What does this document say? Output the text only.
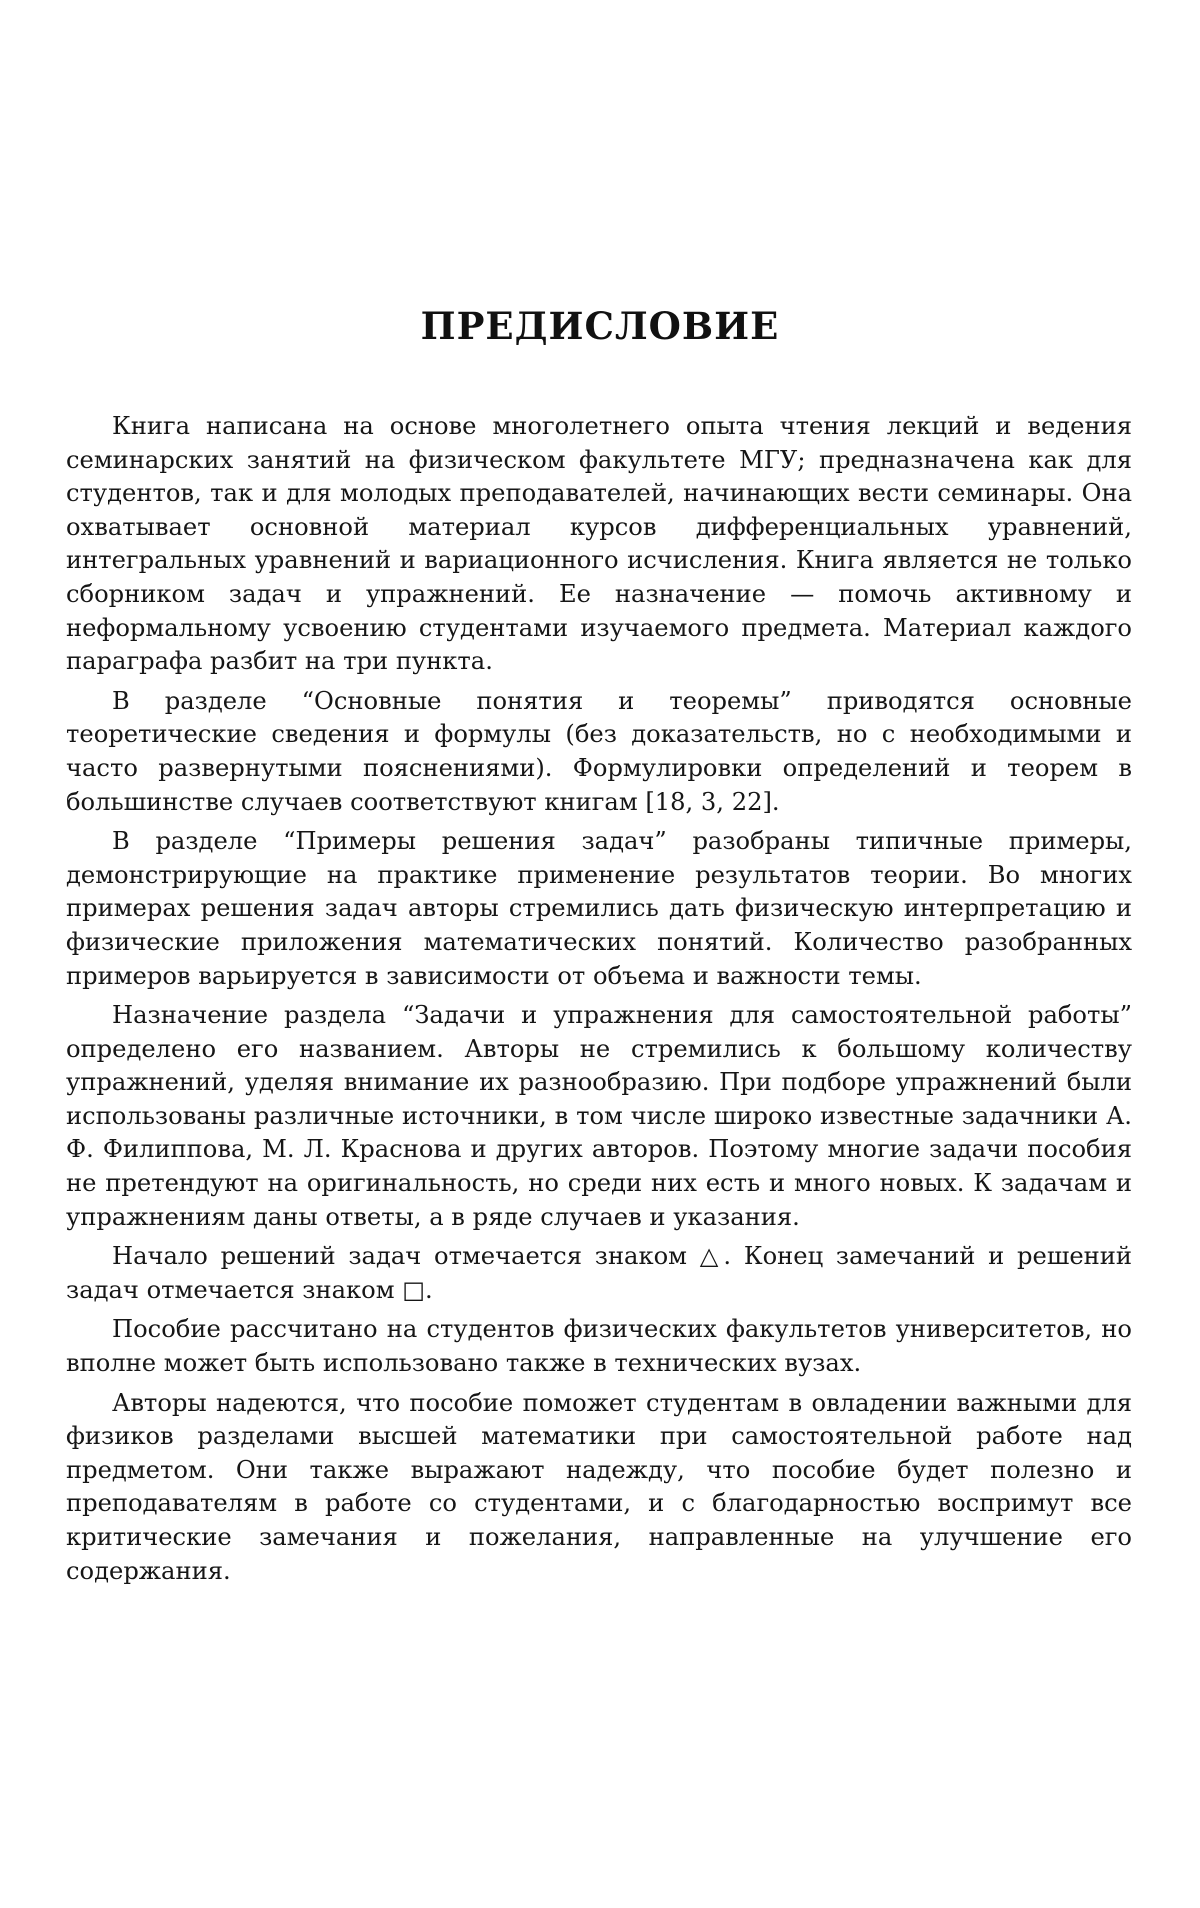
ПРЕДИСЛОВИЕ

Книга написана на основе многолетнего опыта чтения лекций и ведения семинарских занятий на физическом факультете МГУ; предназначена как для студентов, так и для молодых преподавателей, начинающих вести семинары. Она охватывает основной материал курсов дифференциальных уравнений, интегральных уравнений и вариационного исчисления. Книга является не только сборником задач и упражнений. Ее назначение — помочь активному и неформальному усвоению студентами изучаемого предмета. Материал каждого параграфа разбит на три пункта.

В разделе “Основные понятия и теоремы” приводятся основные теоретические сведения и формулы (без доказательств, но с необходимыми и часто развернутыми пояснениями). Формулировки определений и теорем в большинстве случаев соответствуют книгам [18, 3, 22].

В разделе “Примеры решения задач” разобраны типичные примеры, демонстрирующие на практике применение результатов теории. Во многих примерах решения задач авторы стремились дать физическую интерпретацию и физические приложения математических понятий. Количество разобранных примеров варьируется в зависимости от объема и важности темы.

Назначение раздела “Задачи и упражнения для самостоятельной работы” определено его названием. Авторы не стремились к большому количеству упражнений, уделяя внимание их разнообразию. При подборе упражнений были использованы различные источники, в том числе широко известные задачники А. Ф. Филиппова, М. Л. Краснова и других авторов. Поэтому многие задачи пособия не претендуют на оригинальность, но среди них есть и много новых. К задачам и упражнениям даны ответы, а в ряде случаев и указания.

Начало решений задач отмечается знаком △. Конец замечаний и решений задач отмечается знаком □.

Пособие рассчитано на студентов физических факультетов университетов, но вполне может быть использовано также в технических вузах.

Авторы надеются, что пособие поможет студентам в овладении важными для физиков разделами высшей математики при самостоятельной работе над предметом. Они также выражают надежду, что пособие будет полезно и преподавателям в работе со студентами, и с благодарностью воспримут все критические замечания и пожелания, направленные на улучшение его содержания.
